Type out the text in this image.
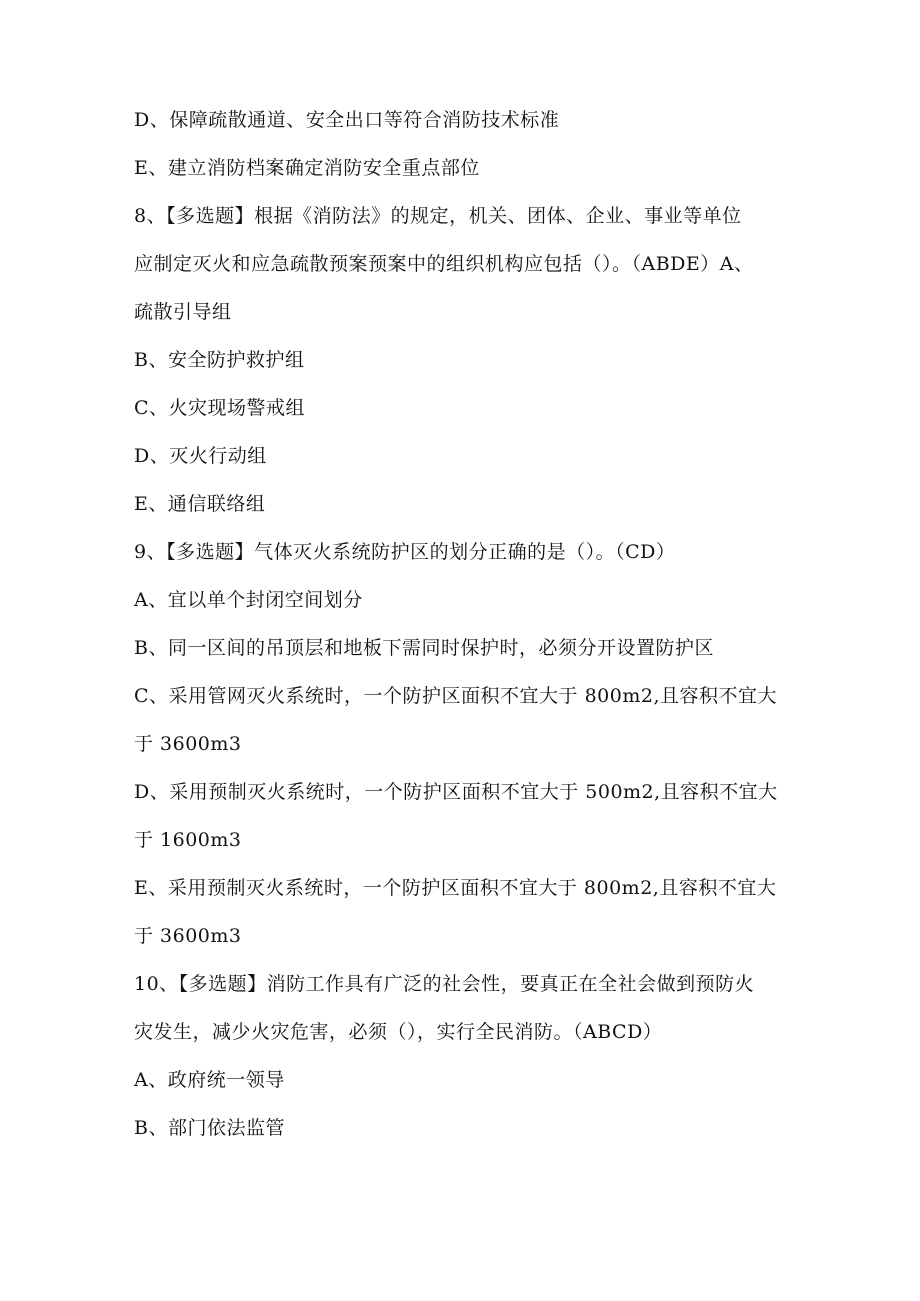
D、保障疏散通道、安全出口等符合消防技术标准
E、建立消防档案确定消防安全重点部位
8、【多选题】根据《消防法》的规定，机关、团体、企业、事业等单位
应制定灭火和应急疏散预案预案中的组织机构应包括（）。（ABDE）A、
疏散引导组
B、安全防护救护组
C、火灾现场警戒组
D、灭火行动组
E、通信联络组
9、【多选题】气体灭火系统防护区的划分正确的是（）。（CD）
A、宜以单个封闭空间划分
B、同一区间的吊顶层和地板下需同时保护时，必须分开设置防护区
C、采用管网灭火系统时，一个防护区面积不宜大于 800m2,且容积不宜大
于 3600m3
D、采用预制灭火系统时，一个防护区面积不宜大于 500m2,且容积不宜大
于 1600m3
E、采用预制灭火系统时，一个防护区面积不宜大于 800m2,且容积不宜大
于 3600m3
10、【多选题】消防工作具有广泛的社会性，要真正在全社会做到预防火
灾发生，减少火灾危害，必须（），实行全民消防。（ABCD）
A、政府统一领导
B、部门依法监管
